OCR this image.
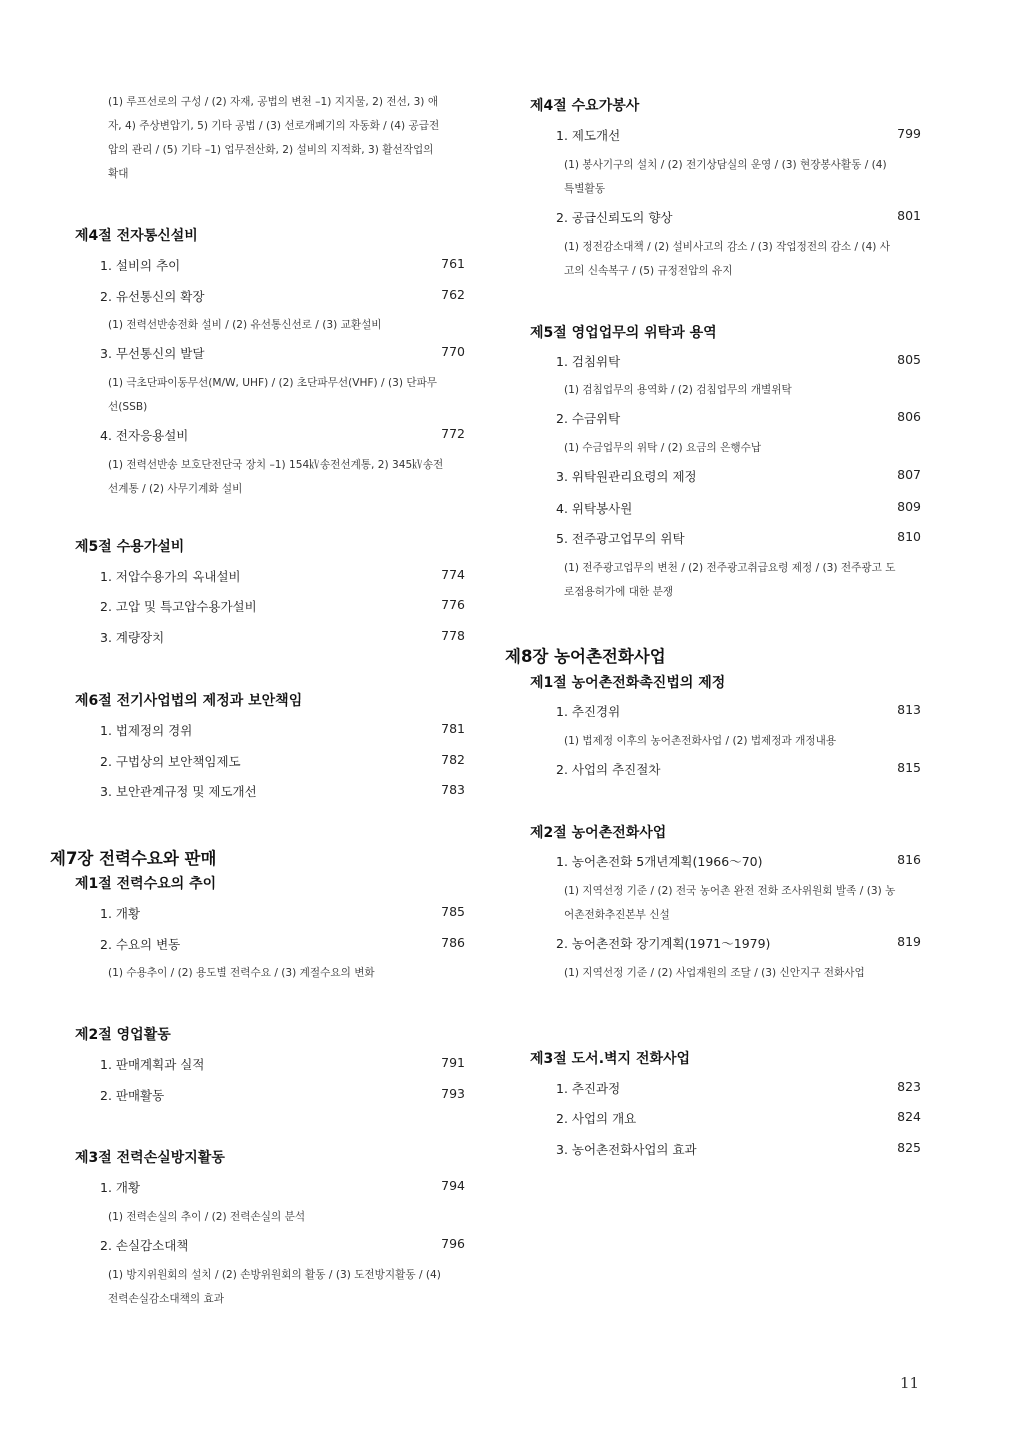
(1) 루프선로의 구성 / (2) 자재, 공법의 변천 –1) 지지물, 2) 전선, 3) 애자, 4) 주상변압기, 5) 기타 공법 / (3) 선로개폐기의 자동화 / (4) 공급전압의 관리 / (5) 기타 –1) 업무전산화, 2) 설비의 지적화, 3) 활선작업의 확대
제4절 전자통신설비
1. 설비의 추이	761
2. 유선통신의 확장	762
(1) 전력선반송전화 설비 / (2) 유선통신선로 / (3) 교환설비
3. 무선통신의 발달	770
(1) 극초단파이동무선(M/W, UHF) / (2) 초단파무선(VHF) / (3) 단파무선(SSB)
4. 전자응용설비	772
(1) 전력선반송 보호단전단국 장치 –1) 154㎸송전선계통, 2) 345㎸송전선계통 / (2) 사무기계화 설비
제5절 수용가설비
1. 저압수용가의 옥내설비	774
2. 고압 및 특고압수용가설비	776
3. 계량장치	778
제6절 전기사업법의 제정과 보안책임
1. 법제정의 경위	781
2. 구법상의 보안책임제도	782
3. 보안관계규정 및 제도개선	783
제7장 전력수요와 판매
제1절 전력수요의 추이
1. 개황	785
2. 수요의 변동	786
(1) 수용추이 / (2) 용도별 전력수요 / (3) 계절수요의 변화
제2절 영업활동
1. 판매계획과 실적	791
2. 판매활동	793
제3절 전력손실방지활동
1. 개황	794
(1) 전력손실의 추이 / (2) 전력손실의 분석
2. 손실감소대책	796
(1) 방지위원회의 설치 / (2) 손방위원회의 활동 / (3) 도전방지활동 / (4) 전력손실감소대책의 효과
제4절 수요가봉사
1. 제도개선	799
(1) 봉사기구의 설치 / (2) 전기상담실의 운영 / (3) 현장봉사활동 / (4) 특별활동
2. 공급신뢰도의 향상	801
(1) 정전감소대책 / (2) 설비사고의 감소 / (3) 작업정전의 감소 / (4) 사고의 신속복구 / (5) 규정전압의 유지
제5절 영업업무의 위탁과 용역
1. 검침위탁	805
(1) 검침업무의 용역화 / (2) 검침업무의 개별위탁
2. 수금위탁	806
(1) 수금업무의 위탁 / (2) 요금의 은행수납
3. 위탁원관리요령의 제정	807
4. 위탁봉사원	809
5. 전주광고업무의 위탁	810
(1) 전주광고업무의 변천 / (2) 전주광고취급요령 제정 / (3) 전주광고 도로점용허가에 대한 분쟁
제8장 농어촌전화사업
제1절 농어촌전화촉진법의 제정
1. 추진경위	813
(1) 법제정 이후의 농어촌전화사업 / (2) 법제정과 개정내용
2. 사업의 추진절차	815
제2절 농어촌전화사업
1. 농어촌전화 5개년계획(1966～70)	816
(1) 지역선정 기준 / (2) 전국 농어촌 완전 전화 조사위원회 발족 / (3) 농어촌전화추진본부 신설
2. 농어촌전화 장기계획(1971～1979)	819
(1) 지역선정 기준 / (2) 사업재원의 조달 / (3) 신안지구 전화사업
제3절 도서.벽지 전화사업
1. 추진과정	823
2. 사업의 개요	824
3. 농어촌전화사업의 효과	825
11
